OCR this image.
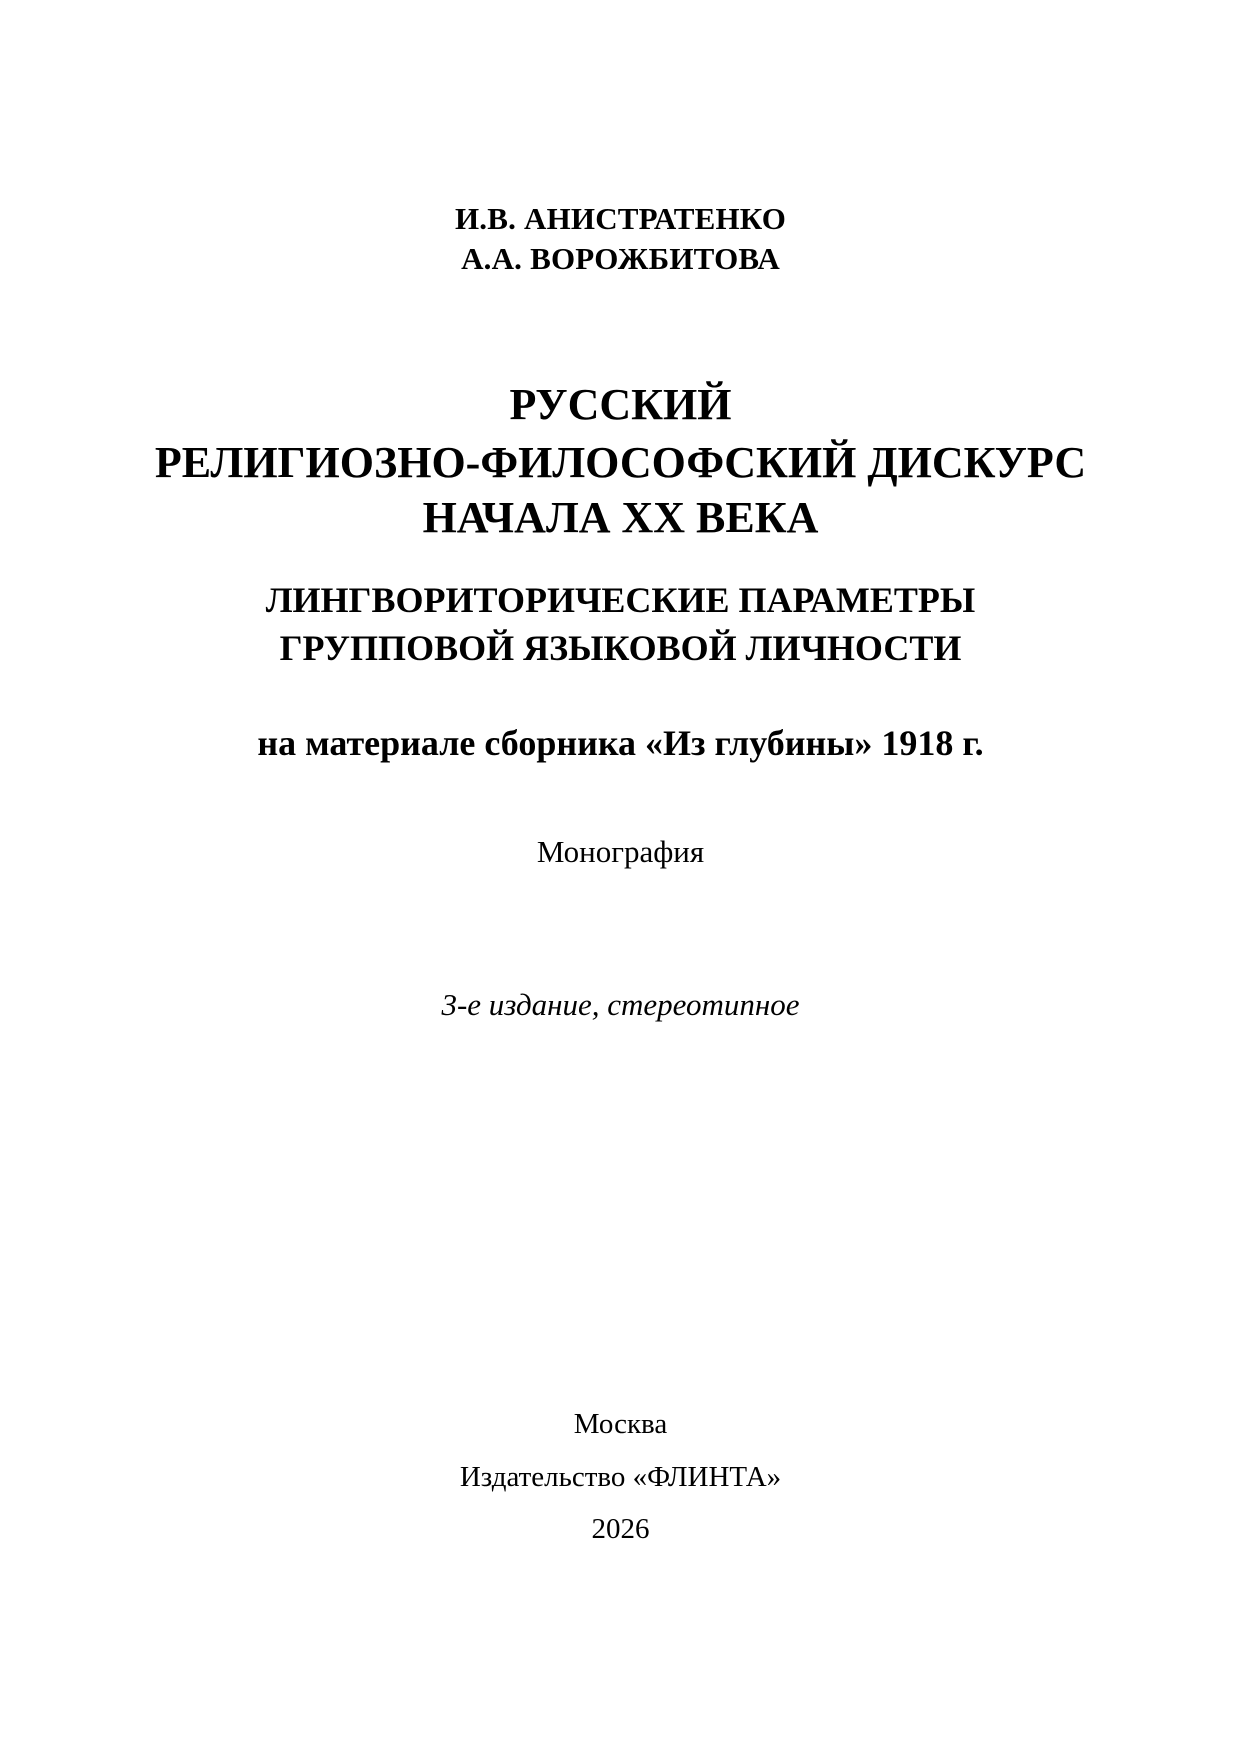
И.В. АНИСТРАТЕНКО
А.А. ВОРОЖБИТОВА
РУССКИЙ
РЕЛИГИОЗНО-ФИЛОСОФСКИЙ ДИСКУРС
НАЧАЛА XX ВЕКА
ЛИНГВОРИТОРИЧЕСКИЕ ПАРАМЕТРЫ
ГРУППОВОЙ ЯЗЫКОВОЙ ЛИЧНОСТИ
на материале сборника «Из глубины» 1918 г.
Монография
3-е издание, стереотипное
Москва
Издательство «ФЛИНТА»
2026
